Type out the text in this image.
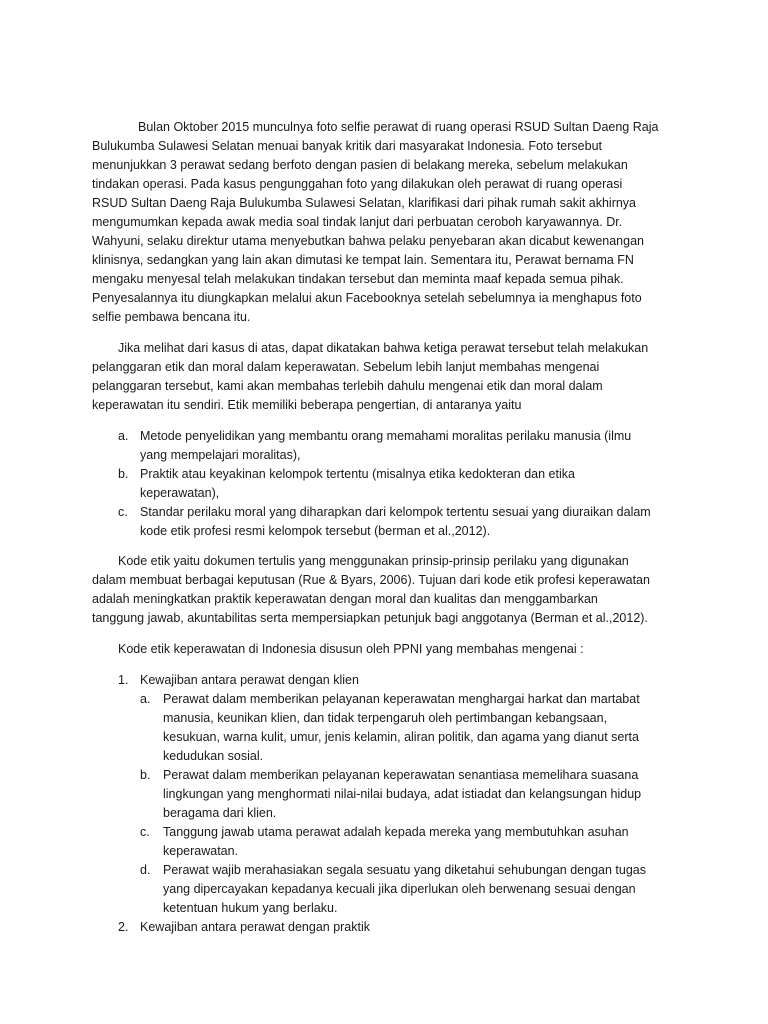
Bulan Oktober 2015 munculnya foto selfie perawat di ruang operasi RSUD Sultan Daeng Raja
Bulukumba Sulawesi Selatan menuai banyak kritik dari masyarakat Indonesia. Foto tersebut
menunjukkan 3 perawat sedang berfoto dengan pasien di belakang mereka, sebelum melakukan
tindakan operasi. Pada kasus pengunggahan foto yang dilakukan oleh perawat di ruang operasi
RSUD Sultan Daeng Raja Bulukumba Sulawesi Selatan, klarifikasi dari pihak rumah sakit akhirnya
mengumumkan kepada awak media soal tindak lanjut dari perbuatan ceroboh karyawannya. Dr.
Wahyuni, selaku direktur utama menyebutkan bahwa pelaku penyebaran akan dicabut kewenangan
klinisnya, sedangkan yang lain akan dimutasi ke tempat lain. Sementara itu, Perawat bernama FN
mengaku menyesal telah melakukan tindakan tersebut dan meminta maaf kepada semua pihak.
Penyesalannya itu diungkapkan melalui akun Facebooknya setelah sebelumnya ia menghapus foto
selfie pembawa bencana itu.
Jika melihat dari kasus di atas, dapat dikatakan bahwa ketiga perawat tersebut telah melakukan
pelanggaran etik dan moral dalam keperawatan. Sebelum lebih lanjut membahas mengenai
pelanggaran tersebut, kami akan membahas terlebih dahulu mengenai etik dan moral dalam
keperawatan itu sendiri. Etik memiliki beberapa pengertian, di antaranya yaitu
a. Metode penyelidikan yang membantu orang memahami moralitas perilaku manusia (ilmu
yang mempelajari moralitas),
b. Praktik atau keyakinan kelompok tertentu (misalnya etika kedokteran dan etika
keperawatan),
c. Standar perilaku moral yang diharapkan dari kelompok tertentu sesuai yang diuraikan dalam
kode etik profesi resmi kelompok tersebut (berman et al.,2012).
Kode etik yaitu dokumen tertulis yang menggunakan prinsip-prinsip perilaku yang digunakan
dalam membuat berbagai keputusan (Rue & Byars, 2006). Tujuan dari kode etik profesi keperawatan
adalah meningkatkan praktik keperawatan dengan moral dan kualitas dan menggambarkan
tanggung jawab, akuntabilitas serta mempersiapkan petunjuk bagi anggotanya (Berman et al.,2012).
Kode etik keperawatan di Indonesia disusun oleh PPNI yang membahas mengenai :
1. Kewajiban antara perawat dengan klien
a. Perawat dalam memberikan pelayanan keperawatan menghargai harkat dan martabat
manusia, keunikan klien, dan tidak terpengaruh oleh pertimbangan kebangsaan,
kesukuan, warna kulit, umur, jenis kelamin, aliran politik, dan agama yang dianut serta
kedudukan sosial.
b. Perawat dalam memberikan pelayanan keperawatan senantiasa memelihara suasana
lingkungan yang menghormati nilai-nilai budaya, adat istiadat dan kelangsungan hidup
beragama dari klien.
c. Tanggung jawab utama perawat adalah kepada mereka yang membutuhkan asuhan
keperawatan.
d. Perawat wajib merahasiakan segala sesuatu yang diketahui sehubungan dengan tugas
yang dipercayakan kepadanya kecuali jika diperlukan oleh berwenang sesuai dengan
ketentuan hukum yang berlaku.
2. Kewajiban antara perawat dengan praktik
